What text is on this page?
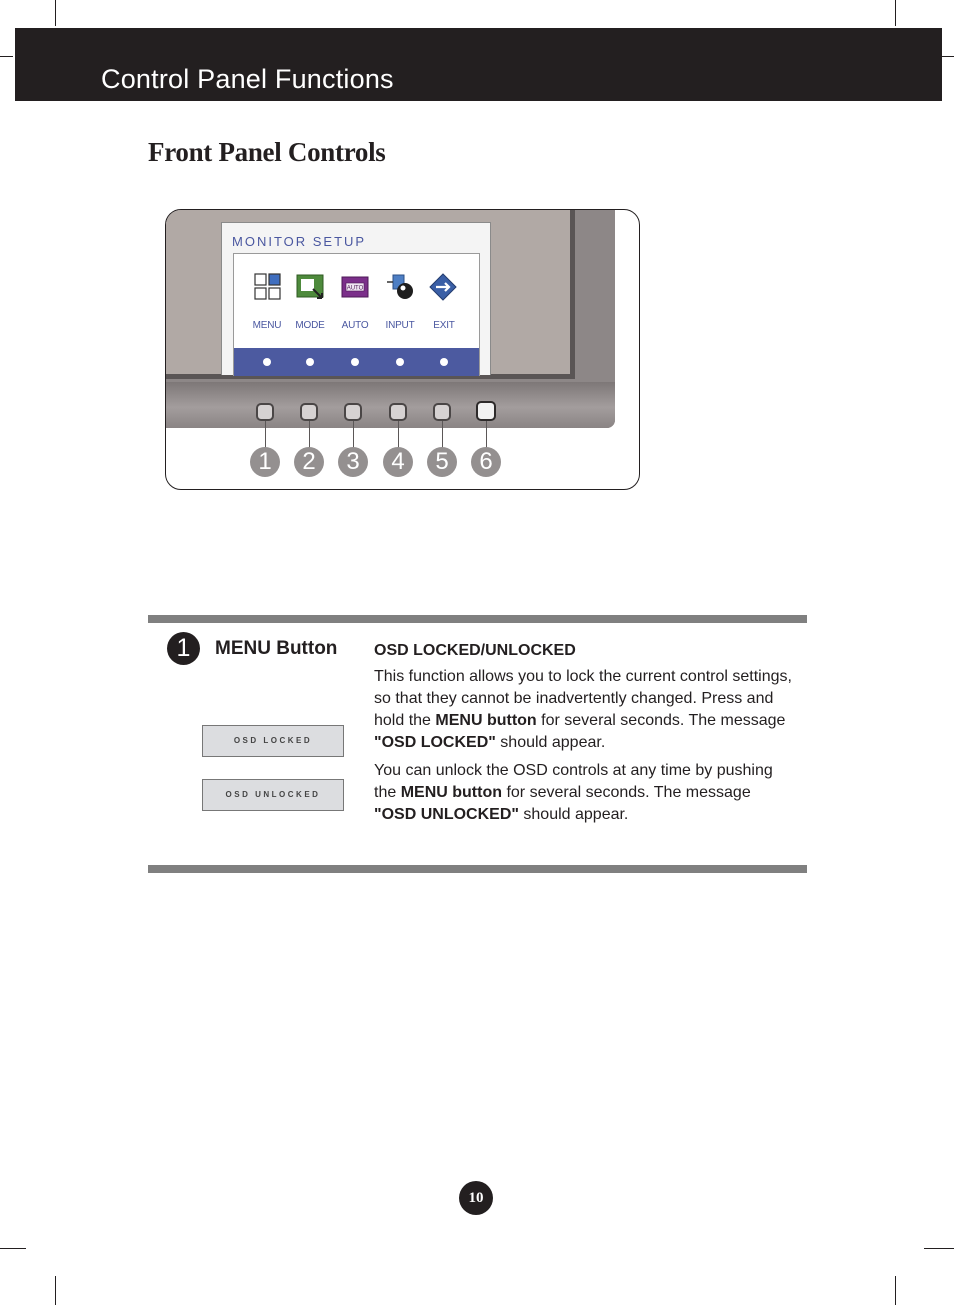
Control Panel Functions
Front Panel Controls
MONITOR SETUP
AUTO
MENU	MODE	AUTO	INPUT	EXIT
1	2	3	4	5	6
1	MENU Button
OSD LOCKED
OSD UNLOCKED
OSD LOCKED/UNLOCKED

This function allows you to lock the current control settings, so that they cannot be inadvertently changed. Press and hold the MENU button for several seconds. The message "OSD LOCKED" should appear.

You can unlock the OSD controls at any time by pushing the MENU button for several seconds. The message "OSD UNLOCKED" should appear.

10
